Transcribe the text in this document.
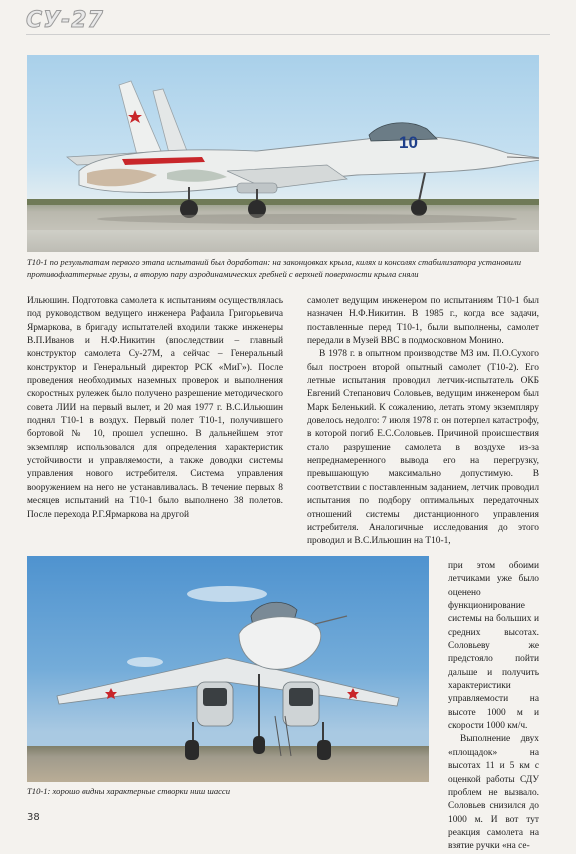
СУ-27
10
Т10-1 по результатам первого этапа испытаний был доработан: на законцовках крыла, килях и консолях стабилизатора установили противофлаттерные грузы, а вторую пару аэродинамических гребней с верхней поверхности крыла сняли

Ильюшин. Подготовка самолета к испытаниям осуществлялась под руководством ведущего инженера Рафаила Григорьевича Ярмаркова, в бригаду испытателей входили также инженеры В.П.Иванов и Н.Ф.Никитин (впоследствии – главный конструктор самолета Су-27М, а сейчас – Генеральный конструктор и Генеральный директор РСК «МиГ»). После проведения необходимых наземных проверок и выполнения скоростных рулежек было получено разрешение методического совета ЛИИ на первый вылет, и 20 мая 1977 г. В.С.Ильюшин поднял Т10-1 в воздух. Первый полет Т10-1, получившего бортовой № 10, прошел успешно. В дальнейшем этот экземпляр использовался для определения характеристик устойчивости и управляемости, а также доводки системы управления нового истребителя. Система управления вооружением на него не устанавливалась. В течение первых 8 месяцев испытаний на Т10-1 было выполнено 38 полетов. После перехода Р.Г.Ярмаркова на другой

самолет ведущим инженером по испытаниям Т10-1 был назначен Н.Ф.Никитин. В 1985 г., когда все задачи, поставленные перед Т10-1, были выполнены, самолет передали в Музей ВВС в подмосковном Монино.

В 1978 г. в опытном производстве МЗ им. П.О.Сухого был построен второй опытный самолет (Т10-2). Его летные испытания проводил летчик-испытатель ОКБ Евгений Степанович Соловьев, ведущим инженером был Марк Беленький. К сожалению, летать этому экземпляру довелось недолго: 7 июля 1978 г. он потерпел катастрофу, в которой погиб Е.С.Соловьев. Причиной происшествия стало разрушение самолета в воздухе из-за непреднамеренного вывода его на перегрузку, превышающую максимально допустимую. В соответствии с поставленным заданием, летчик проводил испытания по подбору оптимальных передаточных отношений системы дистанционного управления истребителя. Аналогичные исследования до этого проводил и В.С.Ильюшин на Т10-1,

при этом обоими летчиками уже было оценено функционирование системы на больших и средних высотах. Соловьеву же предстояло пойти дальше и получить характеристики управляемости на высоте 1000 м и скорости 1000 км/ч.

Выполнение двух «площадок» на высотах 11 и 5 км с оценкой работы СДУ проблем не вызвало. Соловьев снизился до 1000 м. И вот тут реакция самолета на взятие ручки «на се-

Т10-1: хорошо видны характерные створки ниш шасси
38
